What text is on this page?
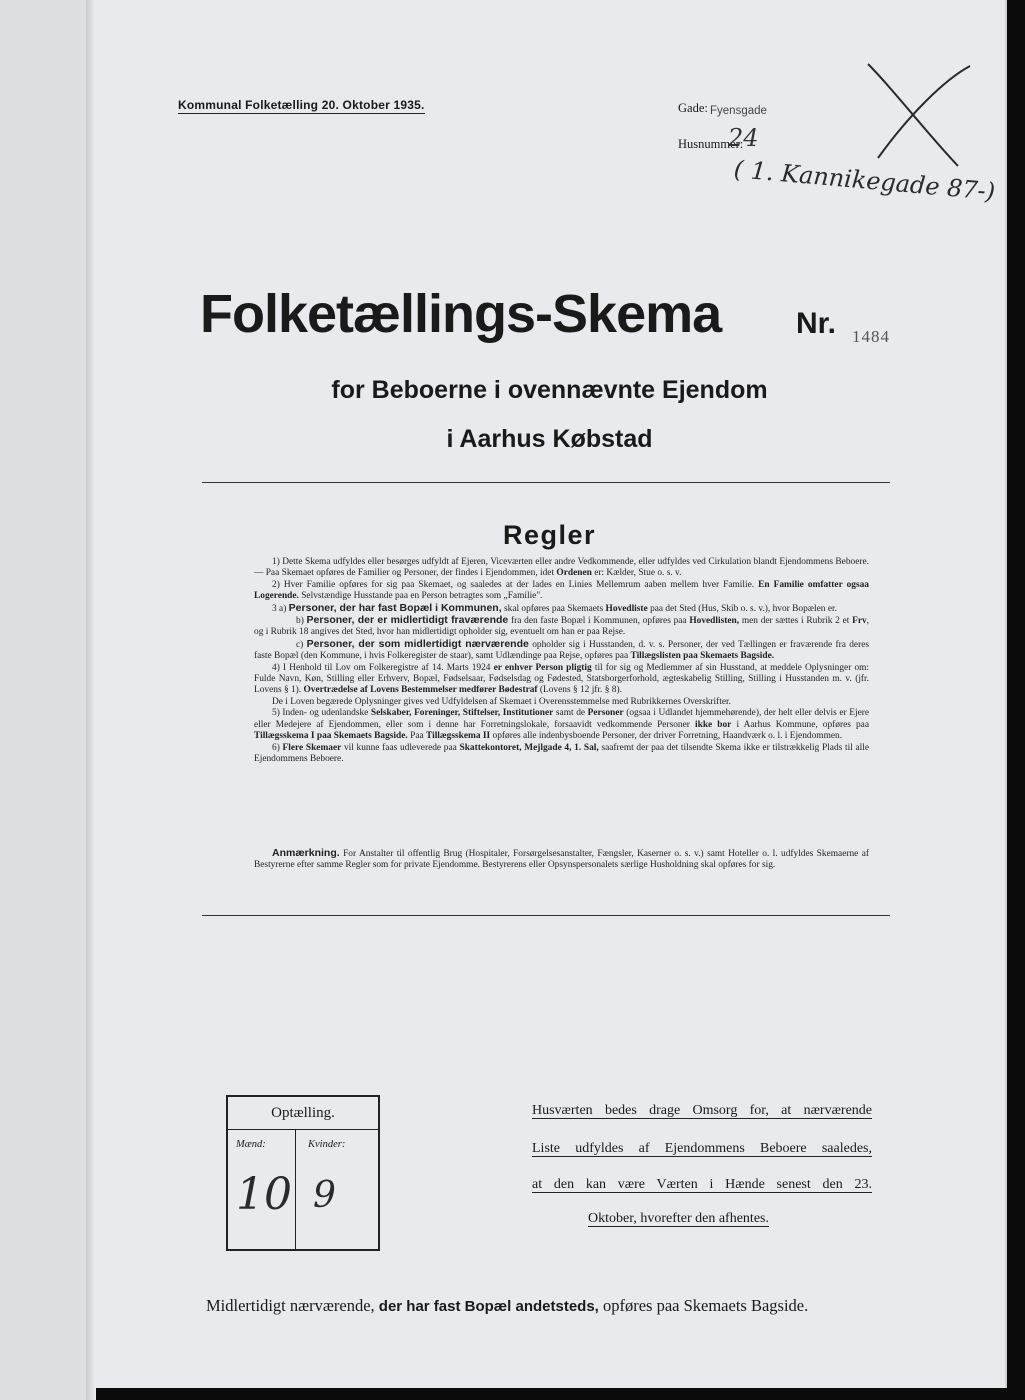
Kommunal Folketælling 20. Oktober 1935.	Gade: Fyensgade
Husnummer:
24
( 1. Kannikegade 87-)
Folketællings-Skema Nr. 1484
for Beboerne i ovennævnte Ejendom
i Aarhus Købstad
Regler

1) Dette Skema udfyldes eller besørges udfyldt af Ejeren, Viceværten eller andre Vedkommende, eller udfyldes ved Cirkulation blandt Ejendommens Beboere. — Paa Skemaet opføres de Familier og Personer, der findes i Ejendommen, idet Ordenen er: Kælder, Stue o. s. v.

2) Hver Familie opføres for sig paa Skemaet, og saaledes at der lades en Linies Mellemrum aaben mellem hver Familie. En Familie omfatter ogsaa Logerende. Selvstændige Husstande paa en Person betragtes som „Familie".

3 a) Personer, der har fast Bopæl i Kommunen, skal opføres paa Skemaets Hovedliste paa det Sted (Hus, Skib o. s. v.), hvor Bopælen er.

b) Personer, der er midlertidigt fraværende fra den faste Bopæl i Kommunen, opføres paa Hovedlisten, men der sættes i Rubrik 2 et Frv, og i Rubrik 18 angives det Sted, hvor han midlertidigt opholder sig, eventuelt om han er paa Rejse.

c) Personer, der som midlertidigt nærværende opholder sig i Husstanden, d. v. s. Personer, der ved Tællingen er fraværende fra deres faste Bopæl (den Kommune, i hvis Folkeregister de staar), samt Udlændinge paa Rejse, opføres paa Tillægslisten paa Skemaets Bagside.

4) I Henhold til Lov om Folkeregistre af 14. Marts 1924 er enhver Person pligtig til for sig og Medlemmer af sin Husstand, at meddele Oplysninger om: Fulde Navn, Køn, Stilling eller Erhverv, Bopæl, Fødselsaar, Fødselsdag og Fødested, Statsborgerforhold, ægteskabelig Stilling, Stilling i Husstanden m. v. (jfr. Lovens § 1). Overtrædelse af Lovens Bestemmelser medfører Bødestraf (Lovens § 12 jfr. § 8).

De i Loven begærede Oplysninger gives ved Udfyldelsen af Skemaet i Overensstemmelse med Rubrikkernes Overskrifter.

5) Inden- og udenlandske Selskaber, Foreninger, Stiftelser, Institutioner samt de Personer (ogsaa i Udlandet hjemmehørende), der helt eller delvis er Ejere eller Medejere af Ejendommen, eller som i denne har Forretningslokale, forsaavidt vedkommende Personer ikke bor i Aarhus Kommune, opføres paa Tillægsskema I paa Skemaets Bagside. Paa Tillægsskema II opføres alle indenbysboende Personer, der driver Forretning, Haandværk o. l. i Ejendommen.

6) Flere Skemaer vil kunne faas udleverede paa Skattekontoret, Mejlgade 4, 1. Sal, saafremt der paa det tilsendte Skema ikke er tilstrækkelig Plads til alle Ejendommens Beboere.

Anmærkning. For Anstalter til offentlig Brug (Hospitaler, Forsørgelsesanstalter, Fængsler, Kaserner o. s. v.) samt Hoteller o. l. udfyldes Skemaerne af Bestyrerne efter samme Regler som for private Ejendomme. Bestyrerens eller Opsynspersonalets særlige Husholdning skal opføres for sig.
Optælling.
Mænd:	Kvinder:
10 9
Husværten bedes drage Omsorg for, at nærværende
Liste udfyldes af Ejendommens Beboere saaledes,
at den kan være Værten i Hænde senest den 23.
Oktober, hvorefter den afhentes.
Midlertidigt nærværende, der har fast Bopæl andetsteds, opføres paa Skemaets Bagside.
